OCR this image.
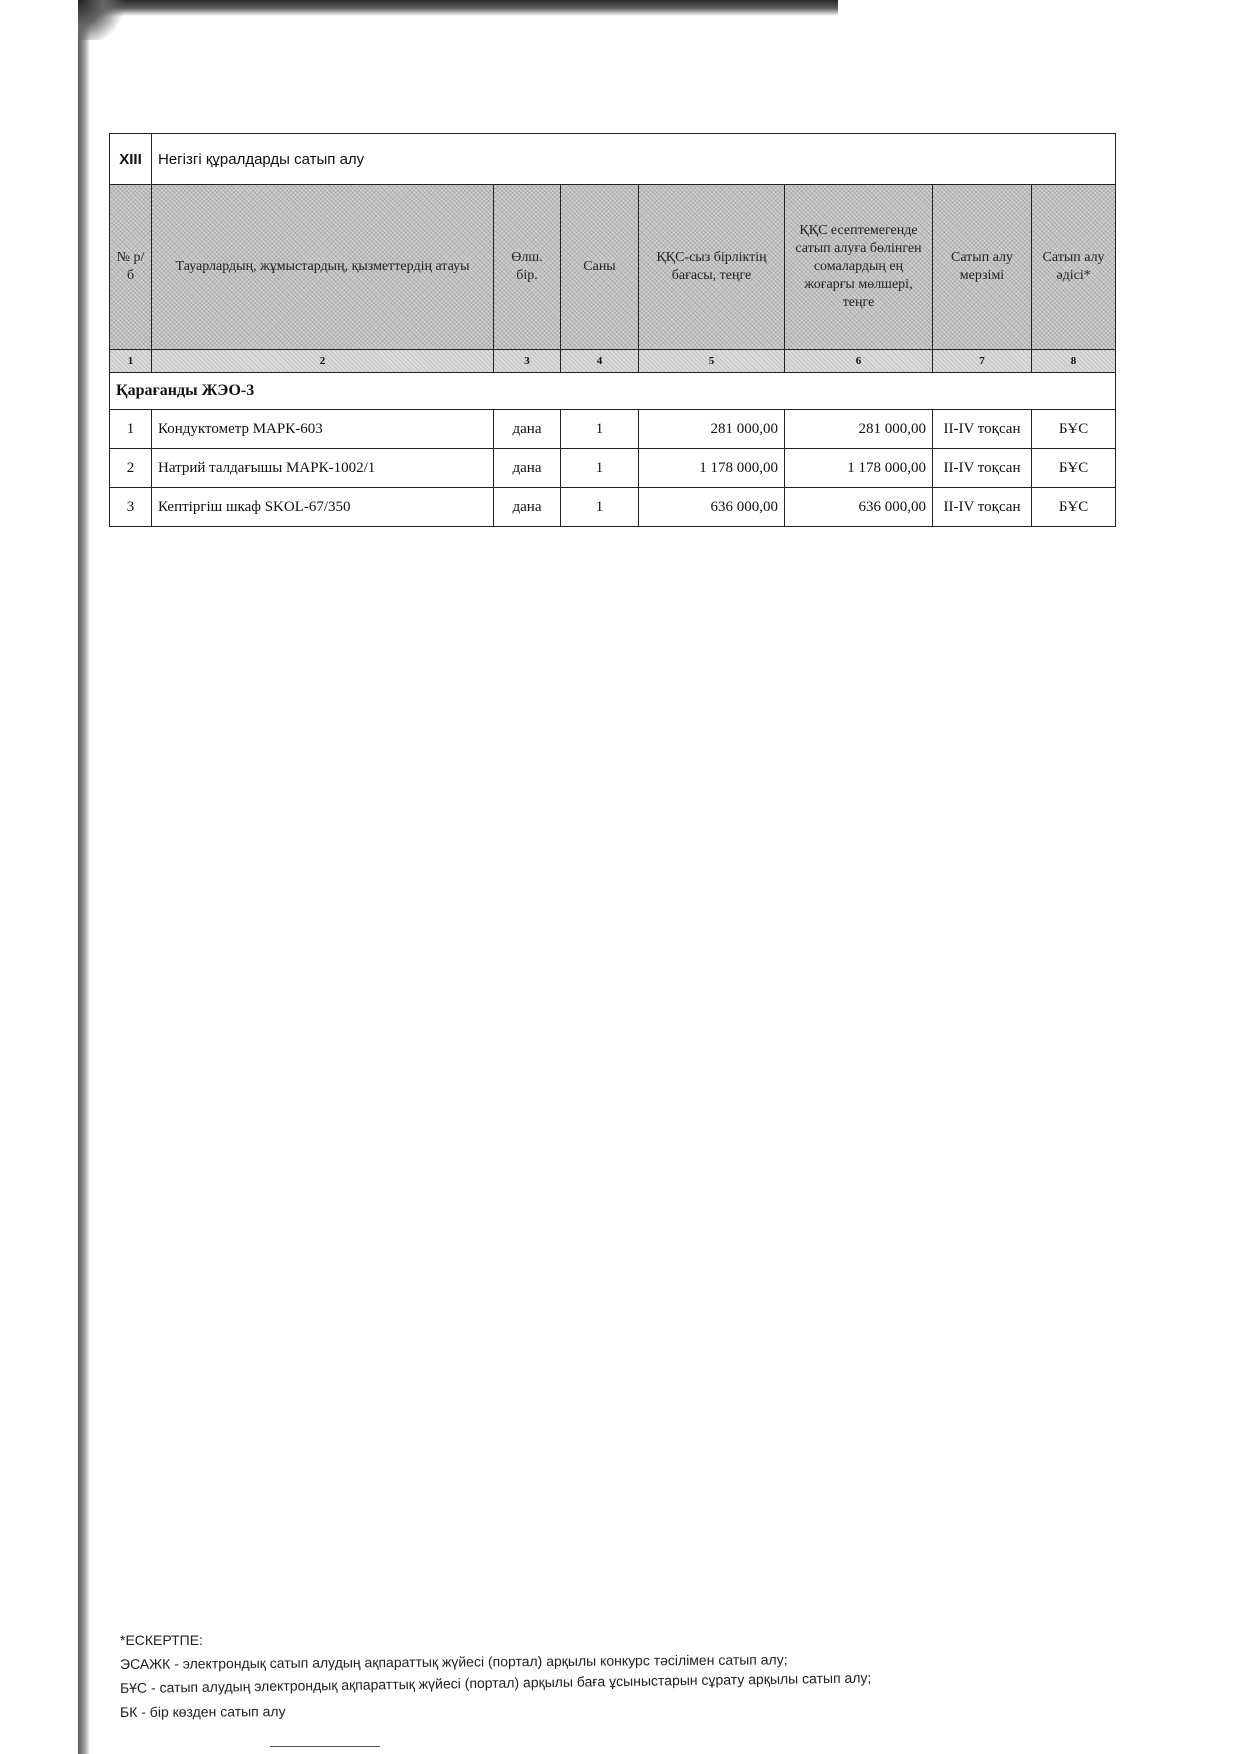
XIII	Негізгі құралдарды сатып алу						
№ р/б	Тауарлардың, жұмыстардың, қызметтердің атауы	Өлш. бір.	Саны	ҚҚС-сыз бірліктің бағасы, теңге	ҚҚС есептемегенде сатып алуға бөлінген сомалардың ең жоғарғы мөлшері, теңге	Сатып алу мерзімі	Сатып алу әдісі*
1	2	3	4	5	6	7	8
Қарағанды ЖЭО-3							
1	Кондуктометр МАРК-603	дана	1	281 000,00	281 000,00	II-IV тоқсан	БҰС
2	Натрий талдағышы МАРК-1002/1	дана	1	1 178 000,00	1 178 000,00	II-IV тоқсан	БҰС
3	Кептіргіш шкаф SKOL-67/350	дана	1	636 000,00	636 000,00	II-IV тоқсан	БҰС
*ЕСКЕРТПЕ:
ЭСАЖК - электрондық сатып алудың ақпараттық жүйесі (портал) арқылы конкурс тәсілімен сатып алу;
БҰС - сатып алудың электрондық ақпараттық жүйесі (портал) арқылы баға ұсыныстарын сұрату арқылы сатып алу;
БК - бір көзден сатып алу
